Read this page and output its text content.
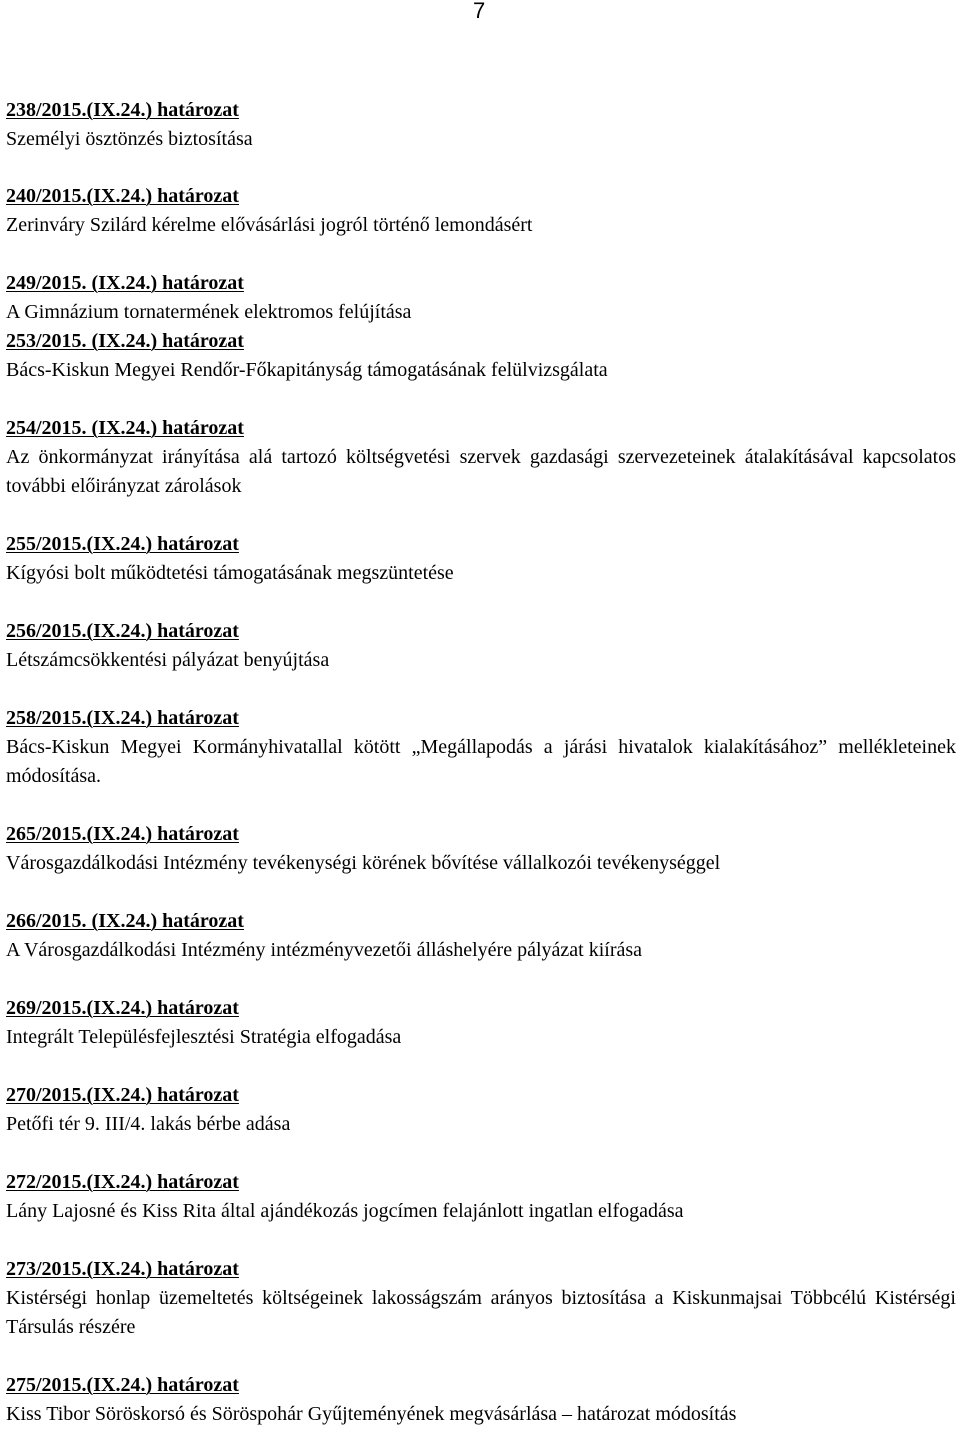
7
238/2015.(IX.24.) határozat
Személyi ösztönzés biztosítása
240/2015.(IX.24.) határozat
Zerinváry Szilárd kérelme elővásárlási jogról történő lemondásért
249/2015. (IX.24.) határozat
A Gimnázium tornatermének elektromos felújítása
253/2015. (IX.24.) határozat
Bács-Kiskun Megyei Rendőr-Főkapitányság támogatásának felülvizsgálata
254/2015. (IX.24.) határozat
Az önkormányzat irányítása alá tartozó költségvetési szervek gazdasági szervezeteinek átalakításával kapcsolatos további előirányzat zárolások
255/2015.(IX.24.) határozat
Kígyósi bolt működtetési támogatásának megszüntetése
256/2015.(IX.24.) határozat
Létszámcsökkentési pályázat benyújtása
258/2015.(IX.24.) határozat
Bács-Kiskun Megyei Kormányhivatallal kötött „Megállapodás a járási hivatalok kialakításához” mellékleteinek módosítása.
265/2015.(IX.24.) határozat
Városgazdálkodási Intézmény tevékenységi körének bővítése vállalkozói tevékenységgel
266/2015. (IX.24.) határozat
A Városgazdálkodási Intézmény intézményvezetői álláshelyére pályázat kiírása
269/2015.(IX.24.) határozat
Integrált Településfejlesztési Stratégia elfogadása
270/2015.(IX.24.) határozat
Petőfi tér 9. III/4. lakás bérbe adása
272/2015.(IX.24.) határozat
Lány Lajosné és Kiss Rita által ajándékozás jogcímen felajánlott ingatlan elfogadása
273/2015.(IX.24.) határozat
Kistérségi honlap üzemeltetés költségeinek lakosságszám arányos biztosítása a Kiskunmajsai Többcélú Kistérségi Társulás részére
275/2015.(IX.24.) határozat
Kiss Tibor Söröskorsó és Söröspohár Gyűjteményének megvásárlása – határozat módosítás
